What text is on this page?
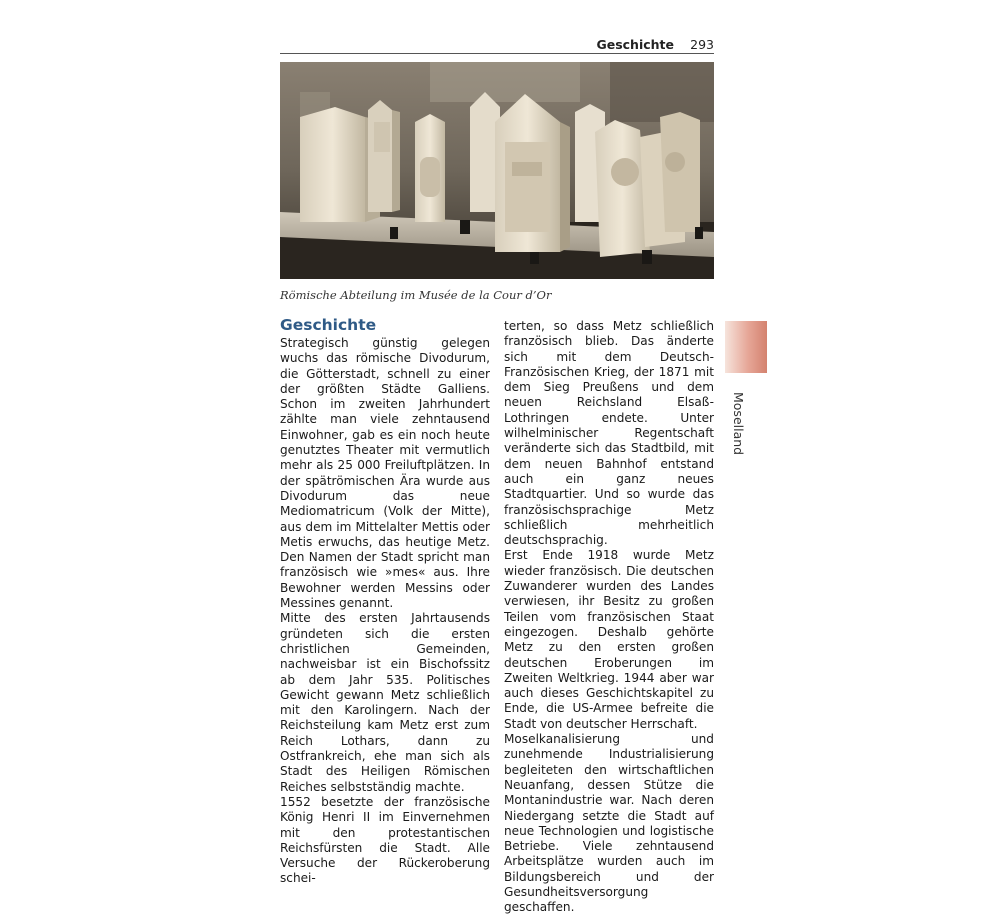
Geschichte 293
Römische Abteilung im Musée de la Cour d’Or
Geschichte

Strategisch günstig gelegen wuchs das römische Divodurum, die Götterstadt, schnell zu einer der größten Städte Galliens. Schon im zweiten Jahrhundert zählte man viele zehntausend Einwohner, gab es ein noch heute genutztes Theater mit vermutlich mehr als 25 000 Freiluftplätzen. In der spätrömischen Ära wurde aus Divodurum das neue Mediomatricum (Volk der Mitte), aus dem im Mittelalter Mettis oder Metis erwuchs, das heutige Metz. Den Namen der Stadt spricht man französisch wie »mes« aus. Ihre Bewohner werden Messins oder Messines genannt.

Mitte des ersten Jahrtausends gründeten sich die ersten christlichen Gemeinden, nachweisbar ist ein Bischofssitz ab dem Jahr 535. Politisches Gewicht gewann Metz schließlich mit den Karolingern. Nach der Reichsteilung kam Metz erst zum Reich Lothars, dann zu Ostfrankreich, ehe man sich als Stadt des Heiligen Römischen Reiches selbstständig machte.

1552 besetzte der französische König Henri II im Einvernehmen mit den protestantischen Reichsfürsten die Stadt. Alle Versuche der Rückeroberung schei-

terten, so dass Metz schließlich französisch blieb. Das änderte sich mit dem Deutsch-Französischen Krieg, der 1871 mit dem Sieg Preußens und dem neuen Reichsland Elsaß-Lothringen endete. Unter wilhelminischer Regentschaft veränderte sich das Stadtbild, mit dem neuen Bahnhof entstand auch ein ganz neues Stadtquartier. Und so wurde das französischsprachige Metz schließlich mehrheitlich deutschsprachig.

Erst Ende 1918 wurde Metz wieder französisch. Die deutschen Zuwanderer wurden des Landes verwiesen, ihr Besitz zu großen Teilen vom französischen Staat eingezogen. Deshalb gehörte Metz zu den ersten großen deutschen Eroberungen im Zweiten Weltkrieg. 1944 aber war auch dieses Geschichtskapitel zu Ende, die US-Armee befreite die Stadt von deutscher Herrschaft.

Moselkanalisierung und zunehmende Industrialisierung begleiteten den wirtschaftlichen Neuanfang, dessen Stütze die Montanindustrie war. Nach deren Niedergang setzte die Stadt auf neue Technologien und logistische Betriebe. Viele zehntausend Arbeitsplätze wurden auch im Bildungsbereich und der Gesundheitsversorgung geschaffen.

Moselland
